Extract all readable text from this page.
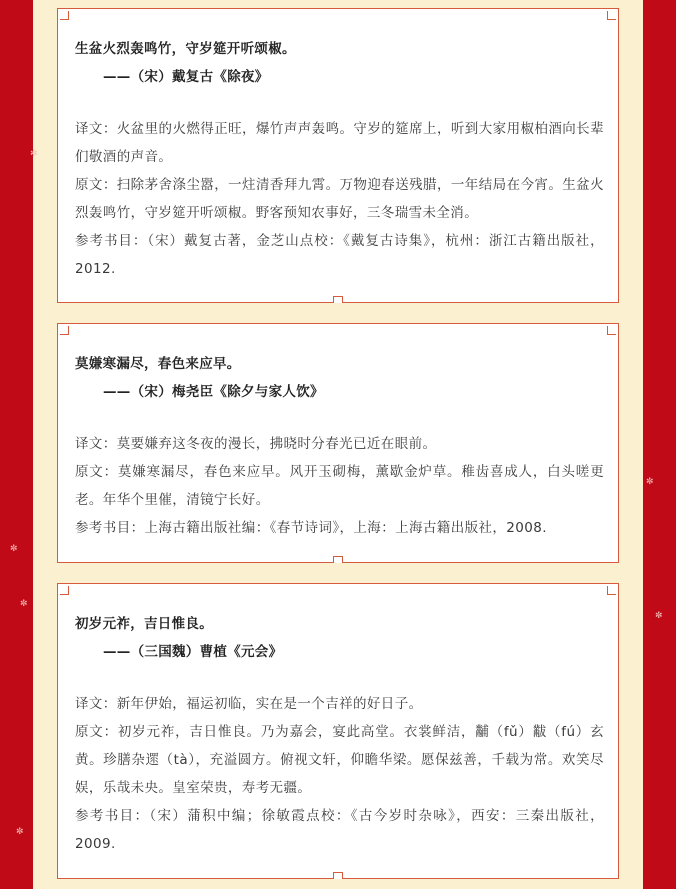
✼
✼
✼
✼
✼
✼
生盆火烈轰鸣竹，守岁筵开听颂椒。
——（宋）戴复古《除夜》

译文：火盆里的火燃得正旺，爆竹声声轰鸣。守岁的筵席上，听到大家用椒柏酒向长辈们敬酒的声音。

原文：扫除茅舍涤尘嚣，一炷清香拜九霄。万物迎春送残腊，一年结局在今宵。生盆火烈轰鸣竹，守岁筵开听颂椒。野客预知农事好，三冬瑞雪未全消。

参考书目：（宋）戴复古著，金芝山点校：《戴复古诗集》，杭州：浙江古籍出版社，2012.

莫嫌寒漏尽，春色来应早。
——（宋）梅尧臣《除夕与家人饮》

译文：莫要嫌弃这冬夜的漫长，拂晓时分春光已近在眼前。

原文：莫嫌寒漏尽，春色来应早。风开玉砌梅，薰歇金炉草。稚齿喜成人，白头嗟更老。年华个里催，清镜宁长好。

参考书目：上海古籍出版社编：《春节诗词》，上海：上海古籍出版社，2008.

初岁元祚，吉日惟良。
——（三国魏）曹植《元会》

译文：新年伊始，福运初临，实在是一个吉祥的好日子。

原文：初岁元祚，吉日惟良。乃为嘉会，宴此高堂。衣裳鲜洁，黼（fǔ）黻（fú）玄黄。珍膳杂遝（tà），充溢圆方。俯视文轩，仰瞻华梁。愿保兹善，千载为常。欢笑尽娱，乐哉未央。皇室荣贵，寿考无疆。

参考书目：（宋）蒲积中编；徐敏霞点校：《古今岁时杂咏》，西安：三秦出版社，2009.
